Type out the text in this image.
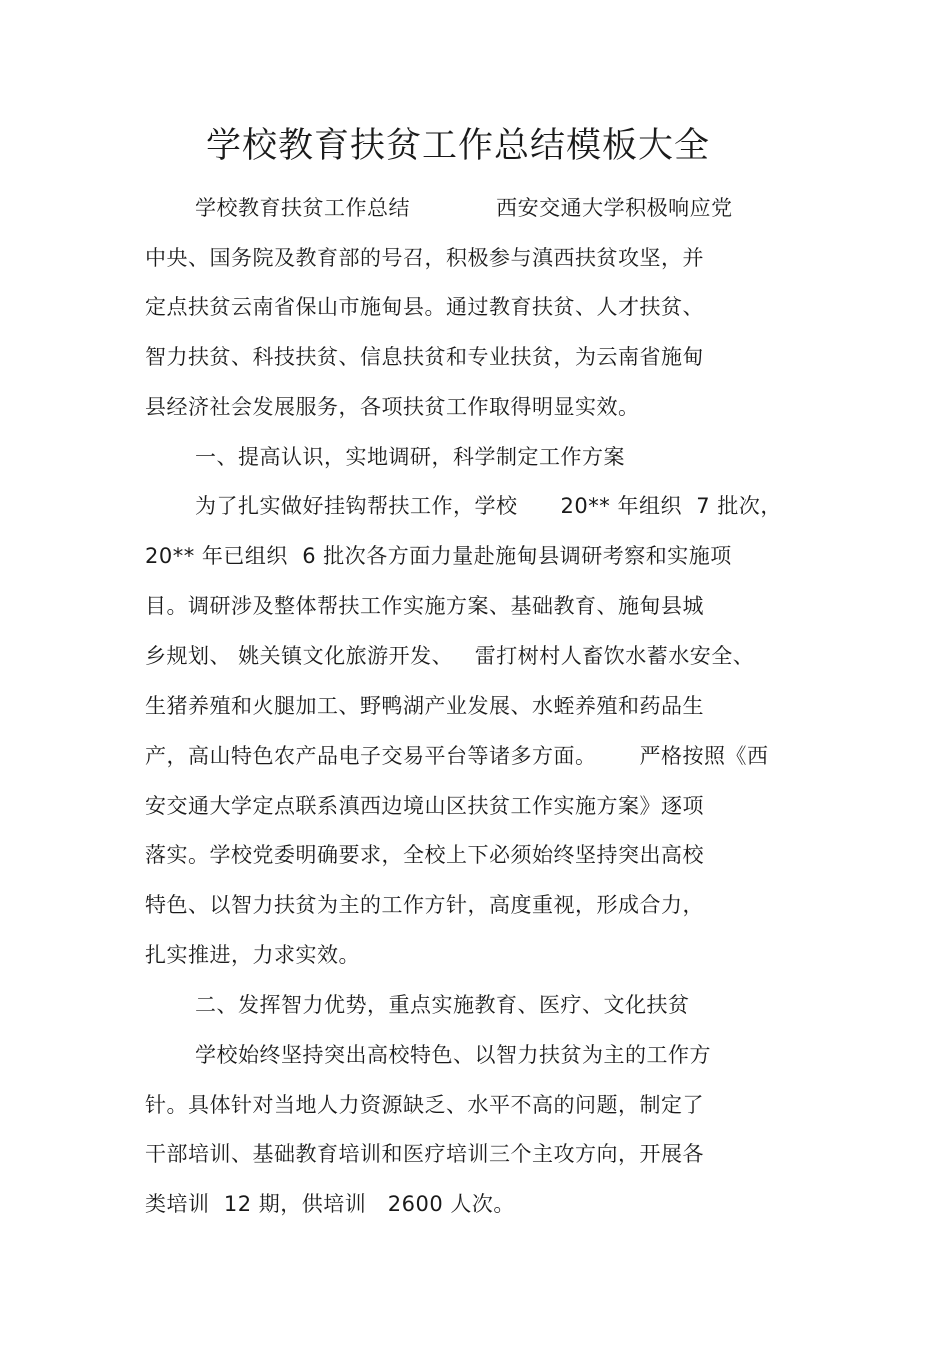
学校教育扶贫工作总结模板大全
学校教育扶贫工作总结            西安交通大学积极响应党
中央、国务院及教育部的号召，积极参与滇西扶贫攻坚，并
定点扶贫云南省保山市施甸县。通过教育扶贫、人才扶贫、
智力扶贫、科技扶贫、信息扶贫和专业扶贫，为云南省施甸
县经济社会发展服务，各项扶贫工作取得明显实效。
一、提高认识，实地调研，科学制定工作方案
为了扎实做好挂钩帮扶工作，学校      20** 年组织  7 批次，
20** 年已组织  6 批次各方面力量赴施甸县调研考察和实施项
目。调研涉及整体帮扶工作实施方案、基础教育、施甸县城
乡规划、 姚关镇文化旅游开发、   雷打树村人畜饮水蓄水安全、
生猪养殖和火腿加工、野鸭湖产业发展、水蛭养殖和药品生
产，高山特色农产品电子交易平台等诸多方面。      严格按照《西
安交通大学定点联系滇西边境山区扶贫工作实施方案》逐项
落实。学校党委明确要求，全校上下必须始终坚持突出高校
特色、以智力扶贫为主的工作方针，高度重视，形成合力，
扎实推进，力求实效。
二、发挥智力优势，重点实施教育、医疗、文化扶贫
学校始终坚持突出高校特色、以智力扶贫为主的工作方
针。具体针对当地人力资源缺乏、水平不高的问题，制定了
干部培训、基础教育培训和医疗培训三个主攻方向，开展各
类培训  12 期，供培训   2600 人次。
